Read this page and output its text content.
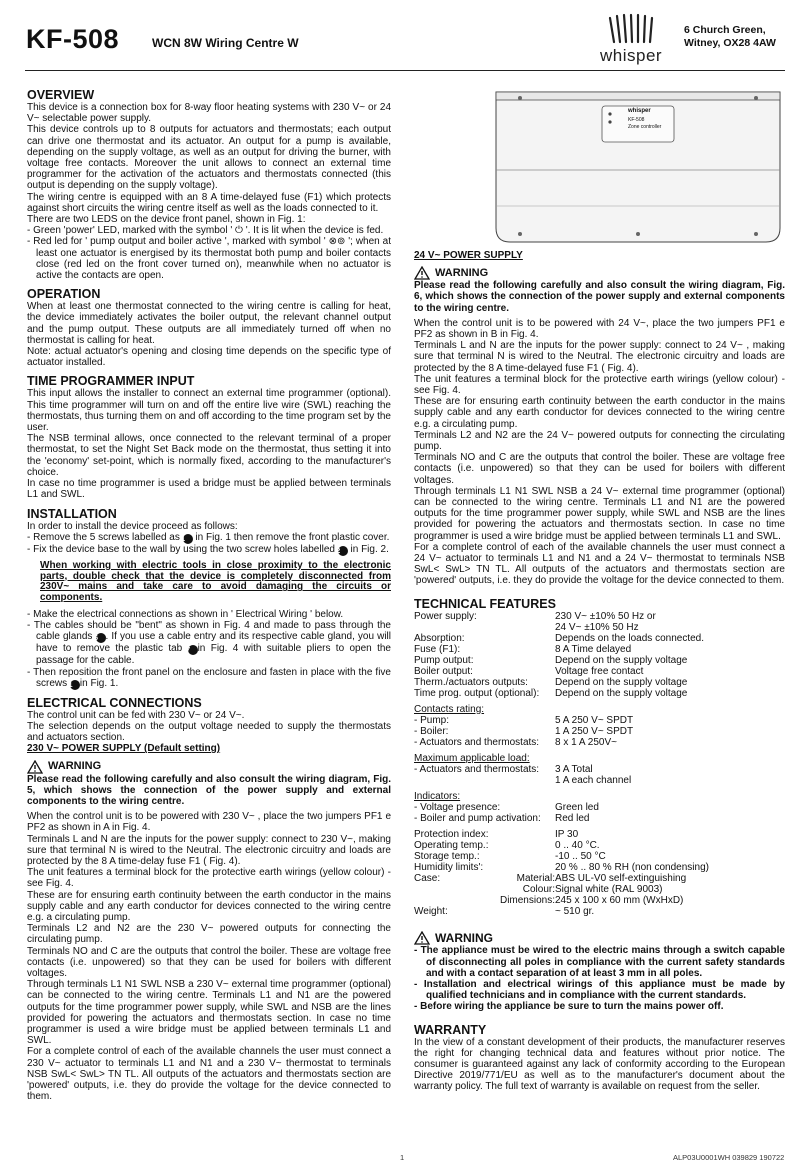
KF-508	WCN 8W Wiring Centre W
whisper
6 Church Green,
Witney, OX28 4AW
whisper
KF-508
Zone controller
OVERVIEW

This device is a connection box for 8-way floor heating systems with 230 V~ or 24 V~ selectable power supply.

This device controls up to 8 outputs for actuators and thermostats; each output can drive one thermostat and its actuator. An output for a pump is available, depending on the supply voltage, as well as an output for driving the burner, with voltage free contacts. Moreover the unit allows to connect an external time programmer for the activation of the actuators and thermostats connected (this output is depending on the supply voltage).

The wiring centre is equipped with an 8 A time-delayed fuse (F1) which protects against short circuits the wiring centre itself as well as the loads connected to it.

There are two LEDS on the device front panel, shown in Fig. 1:

- Green 'power' LED, marked with the symbol ' ⏻ '. It is lit when the device is fed.

- Red led for ' pump output and boiler active ', marked with symbol ' ⊗⊚ '; when at least one actuator is energised by its thermostat both pump and boiler contacts close (red led on the front cover turned on), meanwhile when no actuator is active the contacts are open.

OPERATION

When at least one thermostat connected to the wiring centre is calling for heat, the device immediately activates the boiler output, the relevant channel output and the pump output. These outputs are all immediately turned off when no thermostat is calling for heat.

Note: actual actuator's opening and closing time depends on the specific type of actuator installed.

TIME PROGRAMMER INPUT

This input allows the installer to connect an external time programmer (optional). This time programmer will turn on and off the entire live wire (SWL) reaching the thermostats, thus turning them on and off according to the time program set by the user.

The NSB terminal allows, once connected to the relevant terminal of a proper thermostat, to set the Night Set Back mode on the thermostat, thus setting it into the 'economy' set-point, which is normally fixed, according to the manufacturer's choice.

In case no time programmer is used a bridge must be applied between terminals L1 and SWL.

INSTALLATION

In order to install the device proceed as follows:

- Remove the 5 screws labelled as 1 in Fig. 1 then remove the front plastic cover.

- Fix the device base to the wall by using the two screw holes labelled 2 in Fig. 2.

When working with electric tools in close proximity to the electronic parts, double check that the device is completely disconnected from 230V~ mains and take care to avoid damaging the circuits or components.

- Make the electrical connections as shown in ' Electrical Wiring ' below.

- The cables should be "bent" as shown in Fig. 4 and made to pass through the cable glands 6 . If you use a cable entry and its respective cable gland, you will have to remove the plastic tab 7 in Fig. 4 with suitable pliers to open the passage for the cable.

- Then reposition the front panel on the enclosure and fasten in place with the five screws 1 in Fig. 1.

ELECTRICAL CONNECTIONS

The control unit can be fed with 230 V~ or 24 V~.

The selection depends on the output voltage needed to supply the thermostats and actuators section.

230 V~ POWER SUPPLY (Default setting)

WARNING

Please read the following carefully and also consult the wiring diagram, Fig. 5, which shows the connection of the power supply and external components to the wiring centre.

When the control unit is to be powered with 230 V~ , place the two jumpers PF1 e PF2 as shown in A in Fig. 4.

Terminals L and N are the inputs for the power supply: connect to 230 V~, making sure that terminal N is wired to the Neutral. The electronic circuitry and loads are protected by the 8 A time-delay fuse F1 ( Fig. 4).

The unit features a terminal block for the protective earth wirings (yellow colour) - see Fig. 4.

These are for ensuring earth continuity between the earth conductor in the mains supply cable and any earth conductor for devices connected to the wiring centre e.g. a circulating pump.

Terminals L2 and N2 are the 230 V~ powered outputs for connecting the circulating pump.

Terminals NO and C are the outputs that control the boiler. These are voltage free contacts (i.e. unpowered) so that they can be used for boilers with different voltages.

Through terminals L1 N1 SWL NSB a 230 V~ external time programmer (optional) can be connected to the wiring centre. Terminals L1 and N1 are the powered outputs for the time programmer power supply, while SWL and NSB are the lines provided for powering the actuators and thermostats section. In case no time programmer is used a wire bridge must be applied between terminals L1 and SWL.

For a complete control of each of the available channels the user must connect a 230 V~ actuator to terminals L1 and N1 and a 230 V~ thermostat to terminals NSB SwL< SwL> TN TL. All outputs of the actuators and thermostats section are 'powered' outputs, i.e. they do provide the voltage for the device connected to them.

24 V~ POWER SUPPLY

WARNING

Please read the following carefully and also consult the wiring diagram, Fig. 6, which shows the connection of the power supply and external components to the wiring centre.

When the control unit is to be powered with 24 V~, place the two jumpers PF1 e PF2 as shown in B in Fig. 4.

Terminals L and N are the inputs for the power supply: connect to 24 V~ , making sure that terminal N is wired to the Neutral. The electronic circuitry and loads are protected by the 8 A time-delayed fuse F1 ( Fig. 4).

The unit features a terminal block for the protective earth wirings (yellow colour) - see Fig. 4.

These are for ensuring earth continuity between the earth conductor in the mains supply cable and any earth conductor for devices connected to the wiring centre e.g. a circulating pump.

Terminals L2 and N2 are the 24 V~ powered outputs for connecting the circulating pump.

Terminals NO and C are the outputs that control the boiler. These are voltage free contacts (i.e. unpowered) so that they can be used for boilers with different voltages.

Through terminals L1 N1 SWL NSB a 24 V~ external time programmer (optional) can be connected to the wiring centre. Terminals L1 and N1 are the powered outputs for the time programmer power supply, while SWL and NSB are the lines provided for powering the actuators and thermostats section. In case no time programmer is used a wire bridge must be applied between terminals L1 and SWL.

For a complete control of each of the available channels the user must connect a 24 V~ actuator to terminals L1 and N1 and a 24 V~ thermostat to terminals NSB SwL< SwL> TN TL. All outputs of the actuators and thermostats section are 'powered' outputs, i.e. they do provide the voltage for the device connected to them.

TECHNICAL FEATURES
Power supply:	230 V~ ±10% 50 Hz or
	24 V~ ±10% 50 Hz
Absorption:	Depends on the loads connected.
Fuse (F1):	8 A Time delayed
Pump output:	Depend on the supply voltage
Boiler output:	Voltage free contact
Therm./actuators outputs:	Depend on the supply voltage
Time prog. output (optional):	Depend on the supply voltage

Contacts rating:

- Pump:	5 A 250 V~ SPDT
- Boiler:	1 A 250 V~ SPDT
- Actuators and thermostats:	8 x 1 A 250V~

Maximum applicable load:

- Actuators and thermostats:	3 A Total
	1 A each channel

Indicators:

- Voltage presence:	Green led
- Boiler and pump activation:	Red led
Protection index:	IP 30
Operating temp.:	0 .. 40 °C.
Storage temp.:	-10 .. 50 °C
Humidity limits':	20 % .. 80 % RH (non condensing)
Case:	Material:	ABS UL-V0 self-extinguishing
	Colour:	Signal white (RAL 9003)
	Dimensions:	245 x 100 x 60 mm (WxHxD)
Weight:		~ 510 gr.
WARNING

- The appliance must be wired to the electric mains through a switch capable of disconnecting all poles in compliance with the current safety standards and with a contact separation of at least 3 mm in all poles.

- Installation and electrical wirings of this appliance must be made by qualified technicians and in compliance with the current standards.

- Before wiring the appliance be sure to turn the mains power off.

WARRANTY

In the view of a constant development of their products, the manufacturer reserves the right for changing technical data and features without prior notice. The consumer is guaranteed against any lack of conformity according to the European Directive 2019/771/EU as well as to the manufacturer's document about the warranty policy. The full text of warranty is available on request from the seller.

1	ALP03U0001WH 039829 190722
